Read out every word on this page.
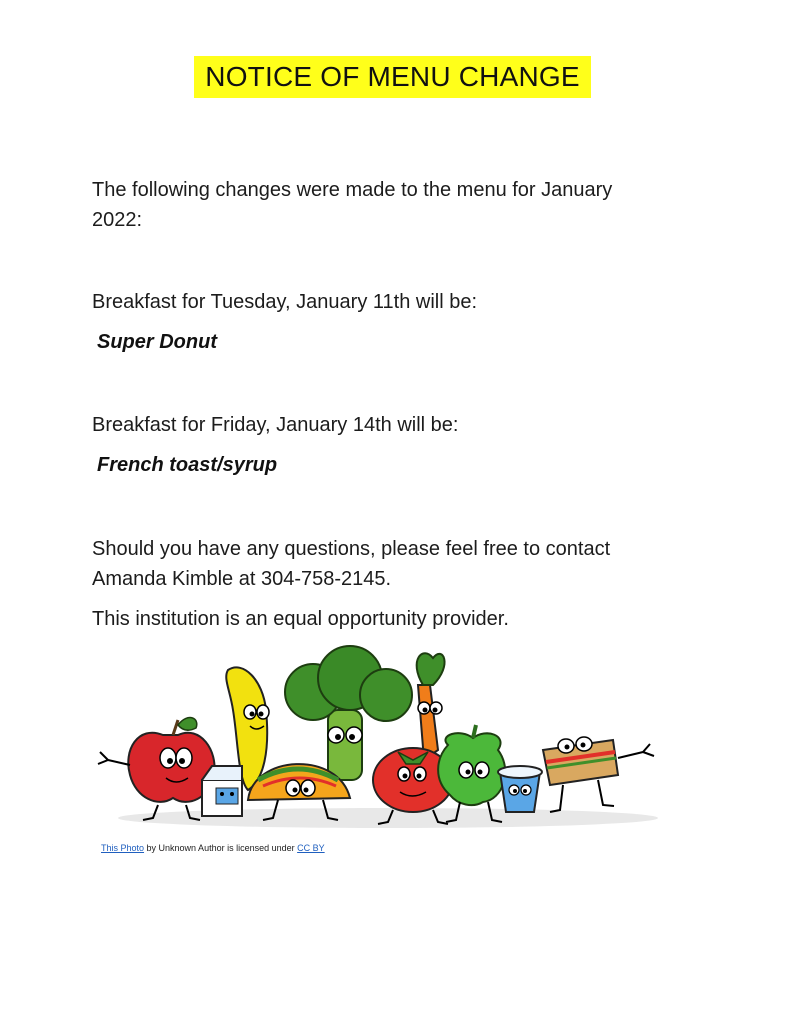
NOTICE OF MENU CHANGE
The following changes were made to the menu for January
2022:
Breakfast for Tuesday, January 11th will be:
Super Donut
Breakfast for Friday, January 14th will be:
French toast/syrup
Should you have any questions, please feel free to contact
Amanda Kimble at 304-758-2145.
This institution is an equal opportunity provider.
This Photo by Unknown Author is licensed under CC BY
